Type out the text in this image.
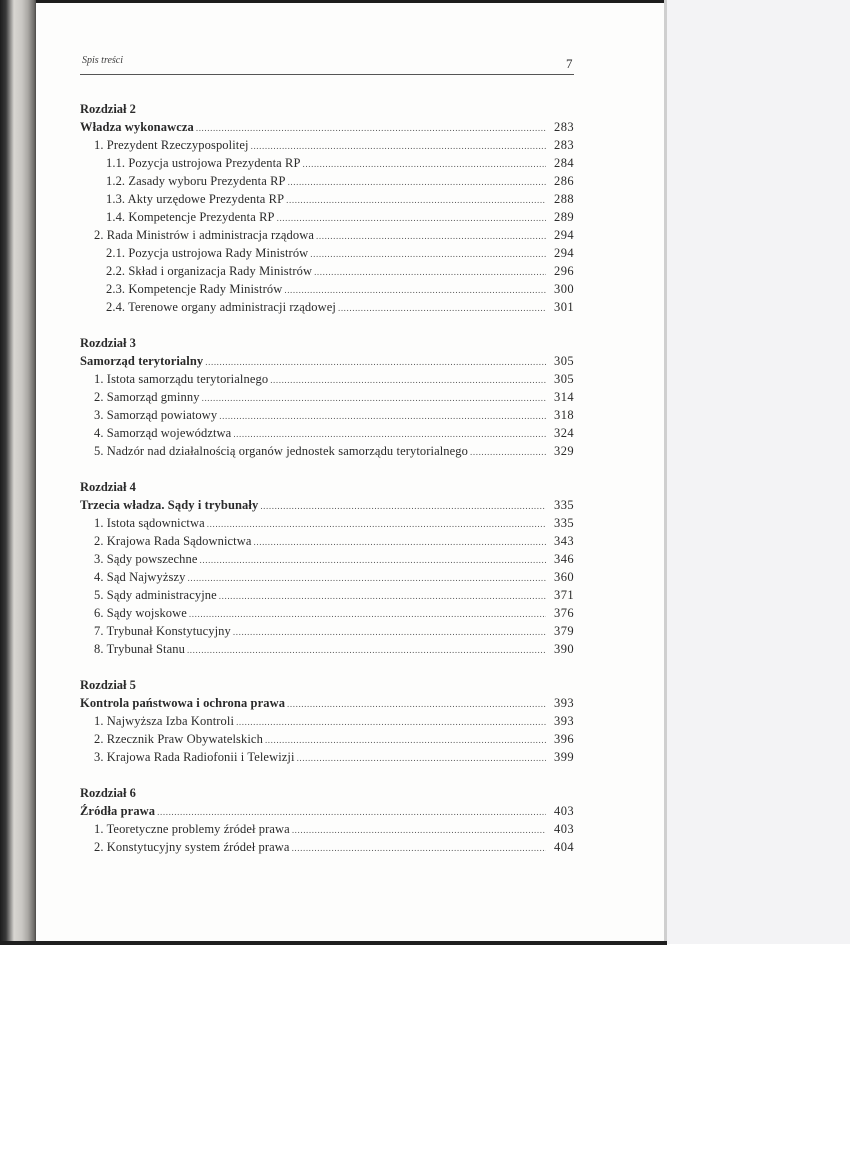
Spis treści	7
Rozdział 2
Władza wykonawcza .....	283
1. Prezydent Rzeczypospolitej .....	283
1.1. Pozycja ustrojowa Prezydenta RP .....	284
1.2. Zasady wyboru Prezydenta RP .....	286
1.3. Akty urzędowe Prezydenta RP .....	288
1.4. Kompetencje Prezydenta RP .....	289
2. Rada Ministrów i administracja rządowa .....	294
2.1. Pozycja ustrojowa Rady Ministrów .....	294
2.2. Skład i organizacja Rady Ministrów .....	296
2.3. Kompetencje Rady Ministrów .....	300
2.4. Terenowe organy administracji rządowej .....	301
Rozdział 3
Samorząd terytorialny .....	305
1. Istota samorządu terytorialnego .....	305
2. Samorząd gminny .....	314
3. Samorząd powiatowy .....	318
4. Samorząd województwa .....	324
5. Nadzór nad działalnością organów jednostek samorządu terytorialnego .....	329
Rozdział 4
Trzecia władza. Sądy i trybunały .....	335
1. Istota sądownictwa .....	335
2. Krajowa Rada Sądownictwa .....	343
3. Sądy powszechne .....	346
4. Sąd Najwyższy .....	360
5. Sądy administracyjne .....	371
6. Sądy wojskowe .....	376
7. Trybunał Konstytucyjny .....	379
8. Trybunał Stanu .....	390
Rozdział 5
Kontrola państwowa i ochrona prawa .....	393
1. Najwyższa Izba Kontroli .....	393
2. Rzecznik Praw Obywatelskich .....	396
3. Krajowa Rada Radiofonii i Telewizji .....	399
Rozdział 6
Źródła prawa .....	403
1. Teoretyczne problemy źródeł prawa .....	403
2. Konstytucyjny system źródeł prawa .....	404
